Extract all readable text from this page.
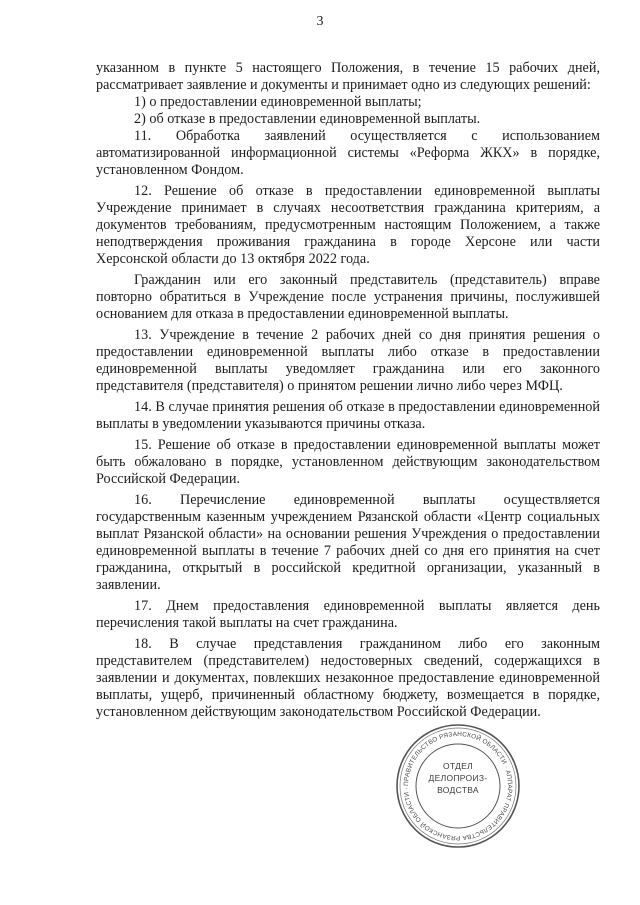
3

указанном в пункте 5 настоящего Положения, в течение 15 рабочих дней, рассматривает заявление и документы и принимает одно из следующих решений:

1) о предоставлении единовременной выплаты;

2) об отказе в предоставлении единовременной выплаты.

11. Обработка заявлений осуществляется с использованием автоматизированной информационной системы «Реформа ЖКХ» в порядке, установленном Фондом.

12. Решение об отказе в предоставлении единовременной выплаты Учреждение принимает в случаях несоответствия гражданина критериям, а документов требованиям, предусмотренным настоящим Положением, а также неподтверждения проживания гражданина в городе Херсоне или части Херсонской области до 13 октября 2022 года.

Гражданин или его законный представитель (представитель) вправе повторно обратиться в Учреждение после устранения причины, послужившей основанием для отказа в предоставлении единовременной выплаты.

13. Учреждение в течение 2 рабочих дней со дня принятия решения о предоставлении единовременной выплаты либо отказе в предоставлении единовременной выплаты уведомляет гражданина или его законного представителя (представителя) о принятом решении лично либо через МФЦ.

14. В случае принятия решения об отказе в предоставлении единовременной выплаты в уведомлении указываются причины отказа.

15. Решение об отказе в предоставлении единовременной выплаты может быть обжаловано в порядке, установленном действующим законодательством Российской Федерации.

16. Перечисление единовременной выплаты осуществляется государственным казенным учреждением Рязанской области «Центр социальных выплат Рязанской области» на основании решения Учреждения о предоставлении единовременной выплаты в течение 7 рабочих дней со дня его принятия на счет гражданина, открытый в российской кредитной организации, указанный в заявлении.

17. Днем предоставления единовременной выплаты является день перечисления такой выплаты на счет гражданина.

18. В случае представления гражданином либо его законным представителем (представителем) недостоверных сведений, содержащихся в заявлении и документах, повлекших незаконное предоставление единовременной выплаты, ущерб, причиненный областному бюджету, возмещается в порядке, установленном действующим законодательством Российской Федерации.

ПРАВИТЕЛЬСТВО РЯЗАНСКОЙ ОБЛАСТИ · АППАРАТ ПРАВИТЕЛЬСТВА РЯЗАНСКОЙ ОБЛАСТИ ·
ОТДЕЛ
ДЕЛОПРОИЗ-
ВОДСТВА
